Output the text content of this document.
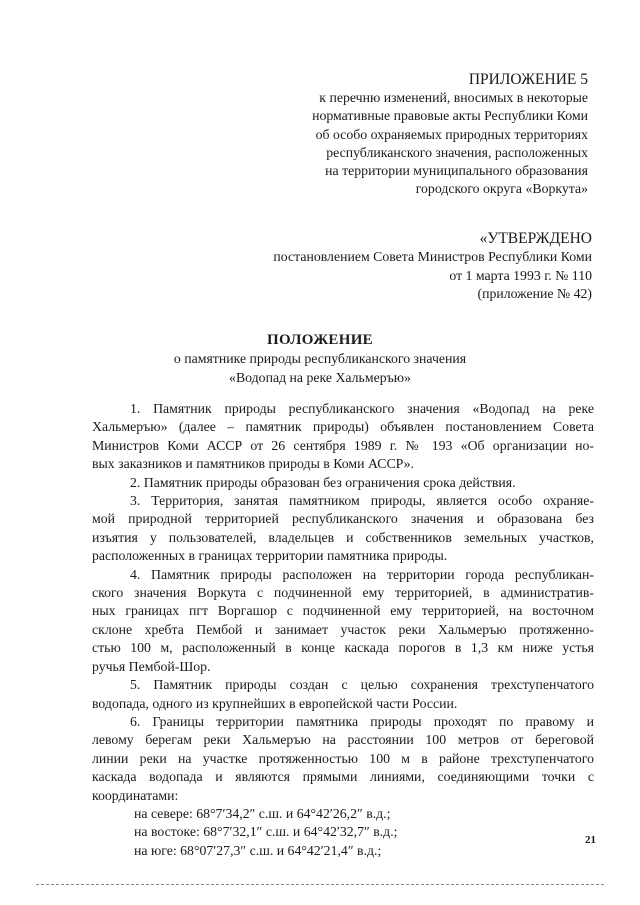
ПРИЛОЖЕНИЕ 5

к перечню изменений, вносимых в некоторые

нормативные правовые акты Республики Коми

об особо охраняемых природных территориях

республиканского значения, расположенных

на территории муниципального образования

городского округа «Воркута»

«УТВЕРЖДЕНО

постановлением Совета Министров Республики Коми

от 1 марта 1993 г. № 110

(приложение № 42)

ПОЛОЖЕНИЕ

о памятнике природы республиканского значения

«Водопад на реке Хальмеръю»

1. Памятник природы республиканского значения «Водопад на реке

Хальмеръю» (далее – памятник природы) объявлен постановлением Совета

Министров Коми АССР от 26 сентября 1989 г. № 193 «Об организации но-

вых заказников и памятников природы в Коми АССР».

2. Памятник природы образован без ограничения срока действия.

3. Территория, занятая памятником природы, является особо охраняе-

мой природной территорией республиканского значения и образована без

изъятия у пользователей, владельцев и собственников земельных участков,

расположенных в границах территории памятника природы.

4. Памятник природы расположен на территории города республикан-

ского значения Воркута с подчиненной ему территорией, в административ-

ных границах пгт Воргашор с подчиненной ему территорией, на восточном

склоне хребта Пембой и занимает участок реки Хальмеръю протяженно-

стью 100 м, расположенный в конце каскада порогов в 1,3 км ниже устья

ручья Пембой-Шор.

5. Памятник природы создан с целью сохранения трехступенчатого

водопада, одного из крупнейших в европейской части России.

6. Границы территории памятника природы проходят по правому и

левому берегам реки Хальмеръю на расстоянии 100 метров от береговой

линии реки на участке протяженностью 100 м в районе трехступенчатого

каскада водопада и являются прямыми линиями, соединяющими точки с

координатами:

на севере: 68°7′34,2″ с.ш. и 64°42′26,2″ в.д.;

на востоке: 68°7′32,1″ с.ш. и 64°42′32,7″ в.д.;

на юге: 68°07′27,3″ с.ш. и 64°42′21,4″ в.д.;

21
